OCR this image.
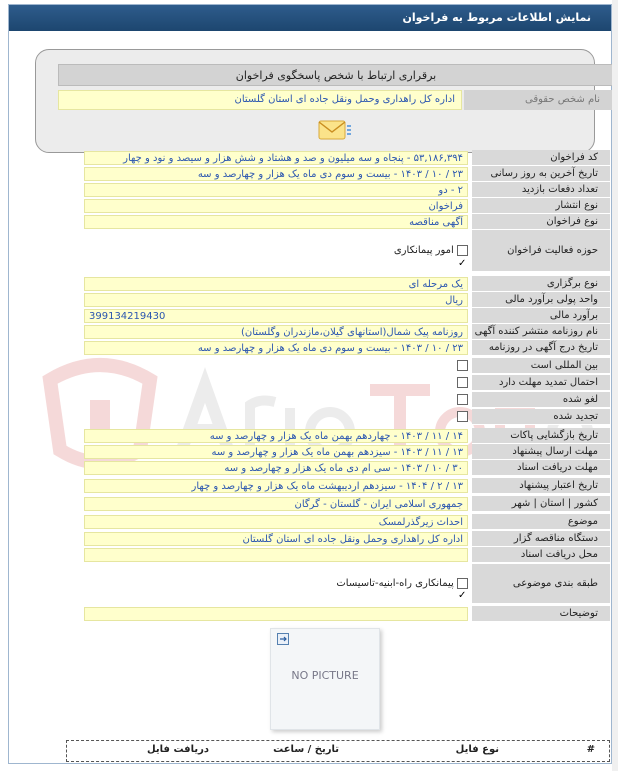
نمایش اطلاعات مربوط به فراخوان
برقراری ارتباط با شخص پاسخگوی فراخوان
نام شخص حقوقی
اداره کل راهداری وحمل ونقل جاده ای استان گلستان
کد فراخوان
۵۳,۱۸۶,۳۹۴ - پنجاه و سه میلیون و صد و هشتاد و شش هزار و سیصد و نود و چهار
تاریخ آخرین به روز رسانی
۲۳ / ۱۰ / ۱۴۰۳ - بیست و سوم دی ماه یک هزار و چهارصد و سه
تعداد دفعات بازدید
۲ - دو
نوع انتشار
فراخوان
نوع فراخوان
آگهی مناقصه
حوزه فعالیت فراخوان
✓ امور پیمانکاری
نوع برگزاری
یک مرحله ای
واحد پولی برآورد مالی
ریال
برآورد مالی
399134219430
نام روزنامه منتشر کننده آگهی
روزنامه پیک شمال(استانهای گیلان،مازندران وگلستان)
تاریخ درج آگهی در روزنامه
۲۳ / ۱۰ / ۱۴۰۳ - بیست و سوم دی ماه یک هزار و چهارصد و سه
بین المللی است
احتمال تمدید مهلت دارد
لغو شده
تجدید شده
تاریخ بازگشایی پاکات
۱۴ / ۱۱ / ۱۴۰۳ - چهاردهم بهمن ماه یک هزار و چهارصد و سه
مهلت ارسال پیشنهاد
۱۳ / ۱۱ / ۱۴۰۳ - سیزدهم بهمن ماه یک هزار و چهارصد و سه
مهلت دریافت اسناد
۳۰ / ۱۰ / ۱۴۰۳ - سی ام دی ماه یک هزار و چهارصد و سه
تاریخ اعتبار پیشنهاد
۱۳ / ۲ / ۱۴۰۴ - سیزدهم اردیبهشت ماه یک هزار و چهارصد و چهار
کشور | استان | شهر
جمهوری اسلامی ایران - گلستان - گرگان
موضوع
احداث زیرگذرلمسک
دستگاه مناقصه گزار
اداره کل راهداری وحمل ونقل جاده ای استان گلستان
محل دریافت اسناد
طبقه بندی موضوعی
✓ پیمانکاری راه-ابنیه-تاسیسات
توضیحات
NO PICTURE
#
نوع فایل
تاریخ / ساعت
دریافت فایل
